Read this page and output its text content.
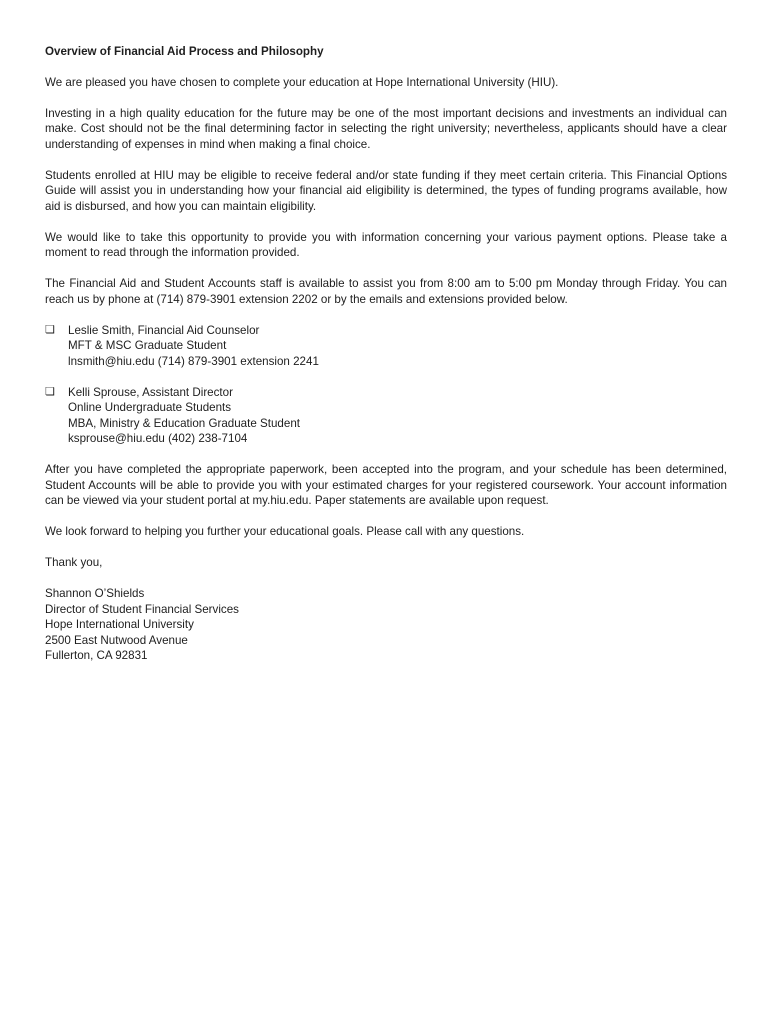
Overview of Financial Aid Process and Philosophy

We are pleased you have chosen to complete your education at Hope International University (HIU).

Investing in a high quality education for the future may be one of the most important decisions and investments an individual can make. Cost should not be the final determining factor in selecting the right university; nevertheless, applicants should have a clear understanding of expenses in mind when making a final choice.

Students enrolled at HIU may be eligible to receive federal and/or state funding if they meet certain criteria. This Financial Options Guide will assist you in understanding how your financial aid eligibility is determined, the types of funding programs available, how aid is disbursed, and how you can maintain eligibility.

We would like to take this opportunity to provide you with information concerning your various payment options. Please take a moment to read through the information provided.

The Financial Aid and Student Accounts staff is available to assist you from 8:00 am to 5:00 pm Monday through Friday. You can reach us by phone at (714) 879-3901 extension 2202 or by the emails and extensions provided below.

❏	Leslie Smith, Financial Aid Counselor
MFT & MSC Graduate Student
lnsmith@hiu.edu (714) 879-3901 extension 2241
❏	Kelli Sprouse, Assistant Director
Online Undergraduate Students
MBA, Ministry & Education Graduate Student
ksprouse@hiu.edu (402) 238-7104

After you have completed the appropriate paperwork, been accepted into the program, and your schedule has been determined, Student Accounts will be able to provide you with your estimated charges for your registered coursework. Your account information can be viewed via your student portal at my.hiu.edu. Paper statements are available upon request.

We look forward to helping you further your educational goals. Please call with any questions.

Thank you,

Shannon O’Shields
Director of Student Financial Services
Hope International University
2500 East Nutwood Avenue
Fullerton, CA 92831
